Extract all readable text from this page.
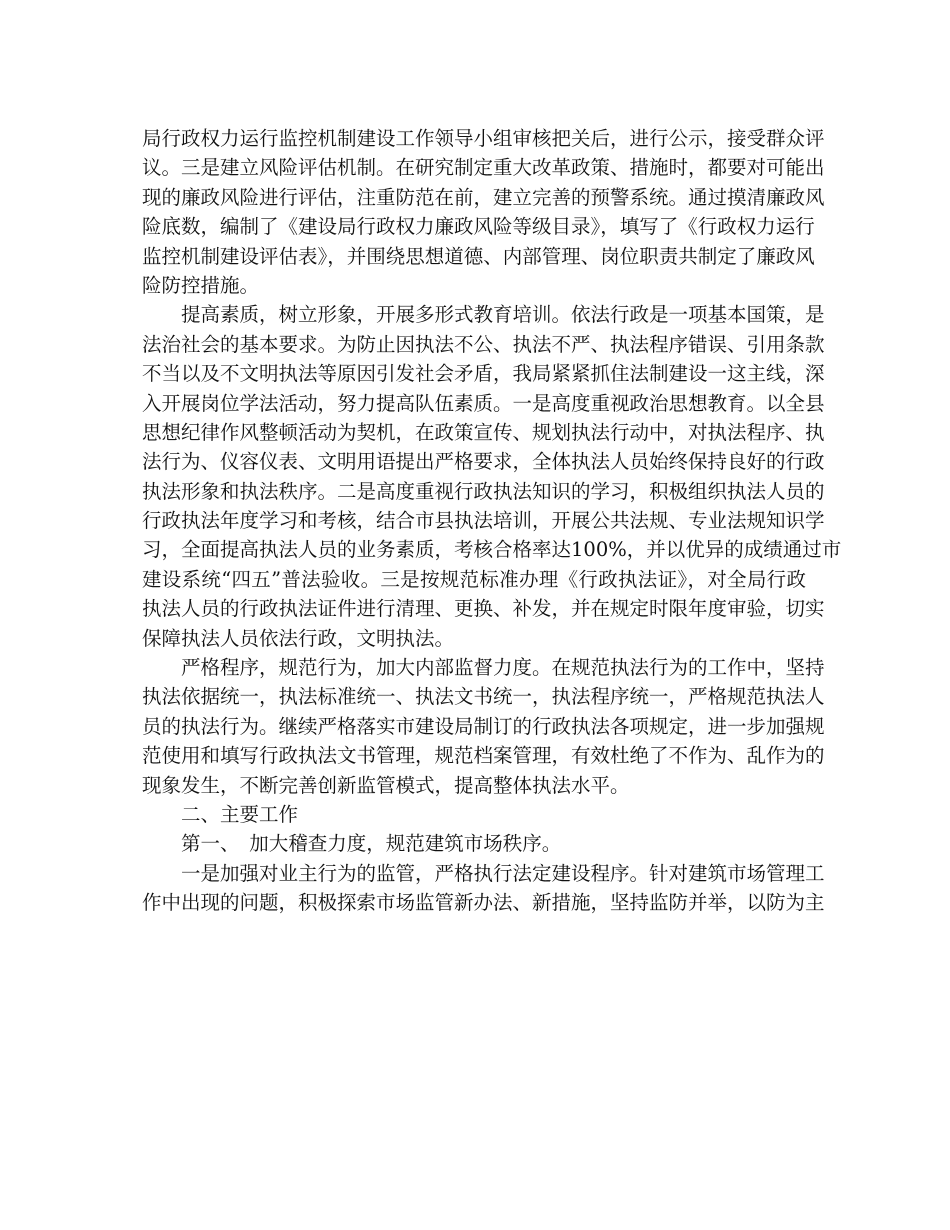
局行政权力运行监控机制建设工作领导小组审核把关后，进行公示，接受群众评
议。三是建立风险评估机制。在研究制定重大改革政策、措施时，都要对可能出
现的廉政风险进行评估，注重防范在前，建立完善的预警系统。通过摸清廉政风
险底数，编制了《建设局行政权力廉政风险等级目录》，填写了《行政权力运行
监控机制建设评估表》，并围绕思想道德、内部管理、岗位职责共制定了廉政风
险防控措施。
提高素质，树立形象，开展多形式教育培训。依法行政是一项基本国策，是
法治社会的基本要求。为防止因执法不公、执法不严、执法程序错误、引用条款
不当以及不文明执法等原因引发社会矛盾，我局紧紧抓住法制建设一这主线，深
入开展岗位学法活动，努力提高队伍素质。一是高度重视政治思想教育。以全县
思想纪律作风整顿活动为契机，在政策宣传、规划执法行动中，对执法程序、执
法行为、仪容仪表、文明用语提出严格要求，全体执法人员始终保持良好的行政
执法形象和执法秩序。二是高度重视行政执法知识的学习，积极组织执法人员的
行政执法年度学习和考核，结合市县执法培训，开展公共法规、专业法规知识学
习，全面提高执法人员的业务素质，考核合格率达100%，并以优异的成绩通过市
建设系统“四五”普法验收。三是按规范标准办理《行政执法证》，对全局行政
执法人员的行政执法证件进行清理、更换、补发，并在规定时限年度审验，切实
保障执法人员依法行政，文明执法。
严格程序，规范行为，加大内部监督力度。在规范执法行为的工作中，坚持
执法依据统一，执法标准统一、执法文书统一，执法程序统一，严格规范执法人
员的执法行为。继续严格落实市建设局制订的行政执法各项规定，进一步加强规
范使用和填写行政执法文书管理，规范档案管理，有效杜绝了不作为、乱作为的
现象发生，不断完善创新监管模式，提高整体执法水平。
二、主要工作
第一、　加大稽查力度，规范建筑市场秩序。
一是加强对业主行为的监管，严格执行法定建设程序。针对建筑市场管理工
作中出现的问题，积极探索市场监管新办法、新措施，坚持监防并举，以防为主
